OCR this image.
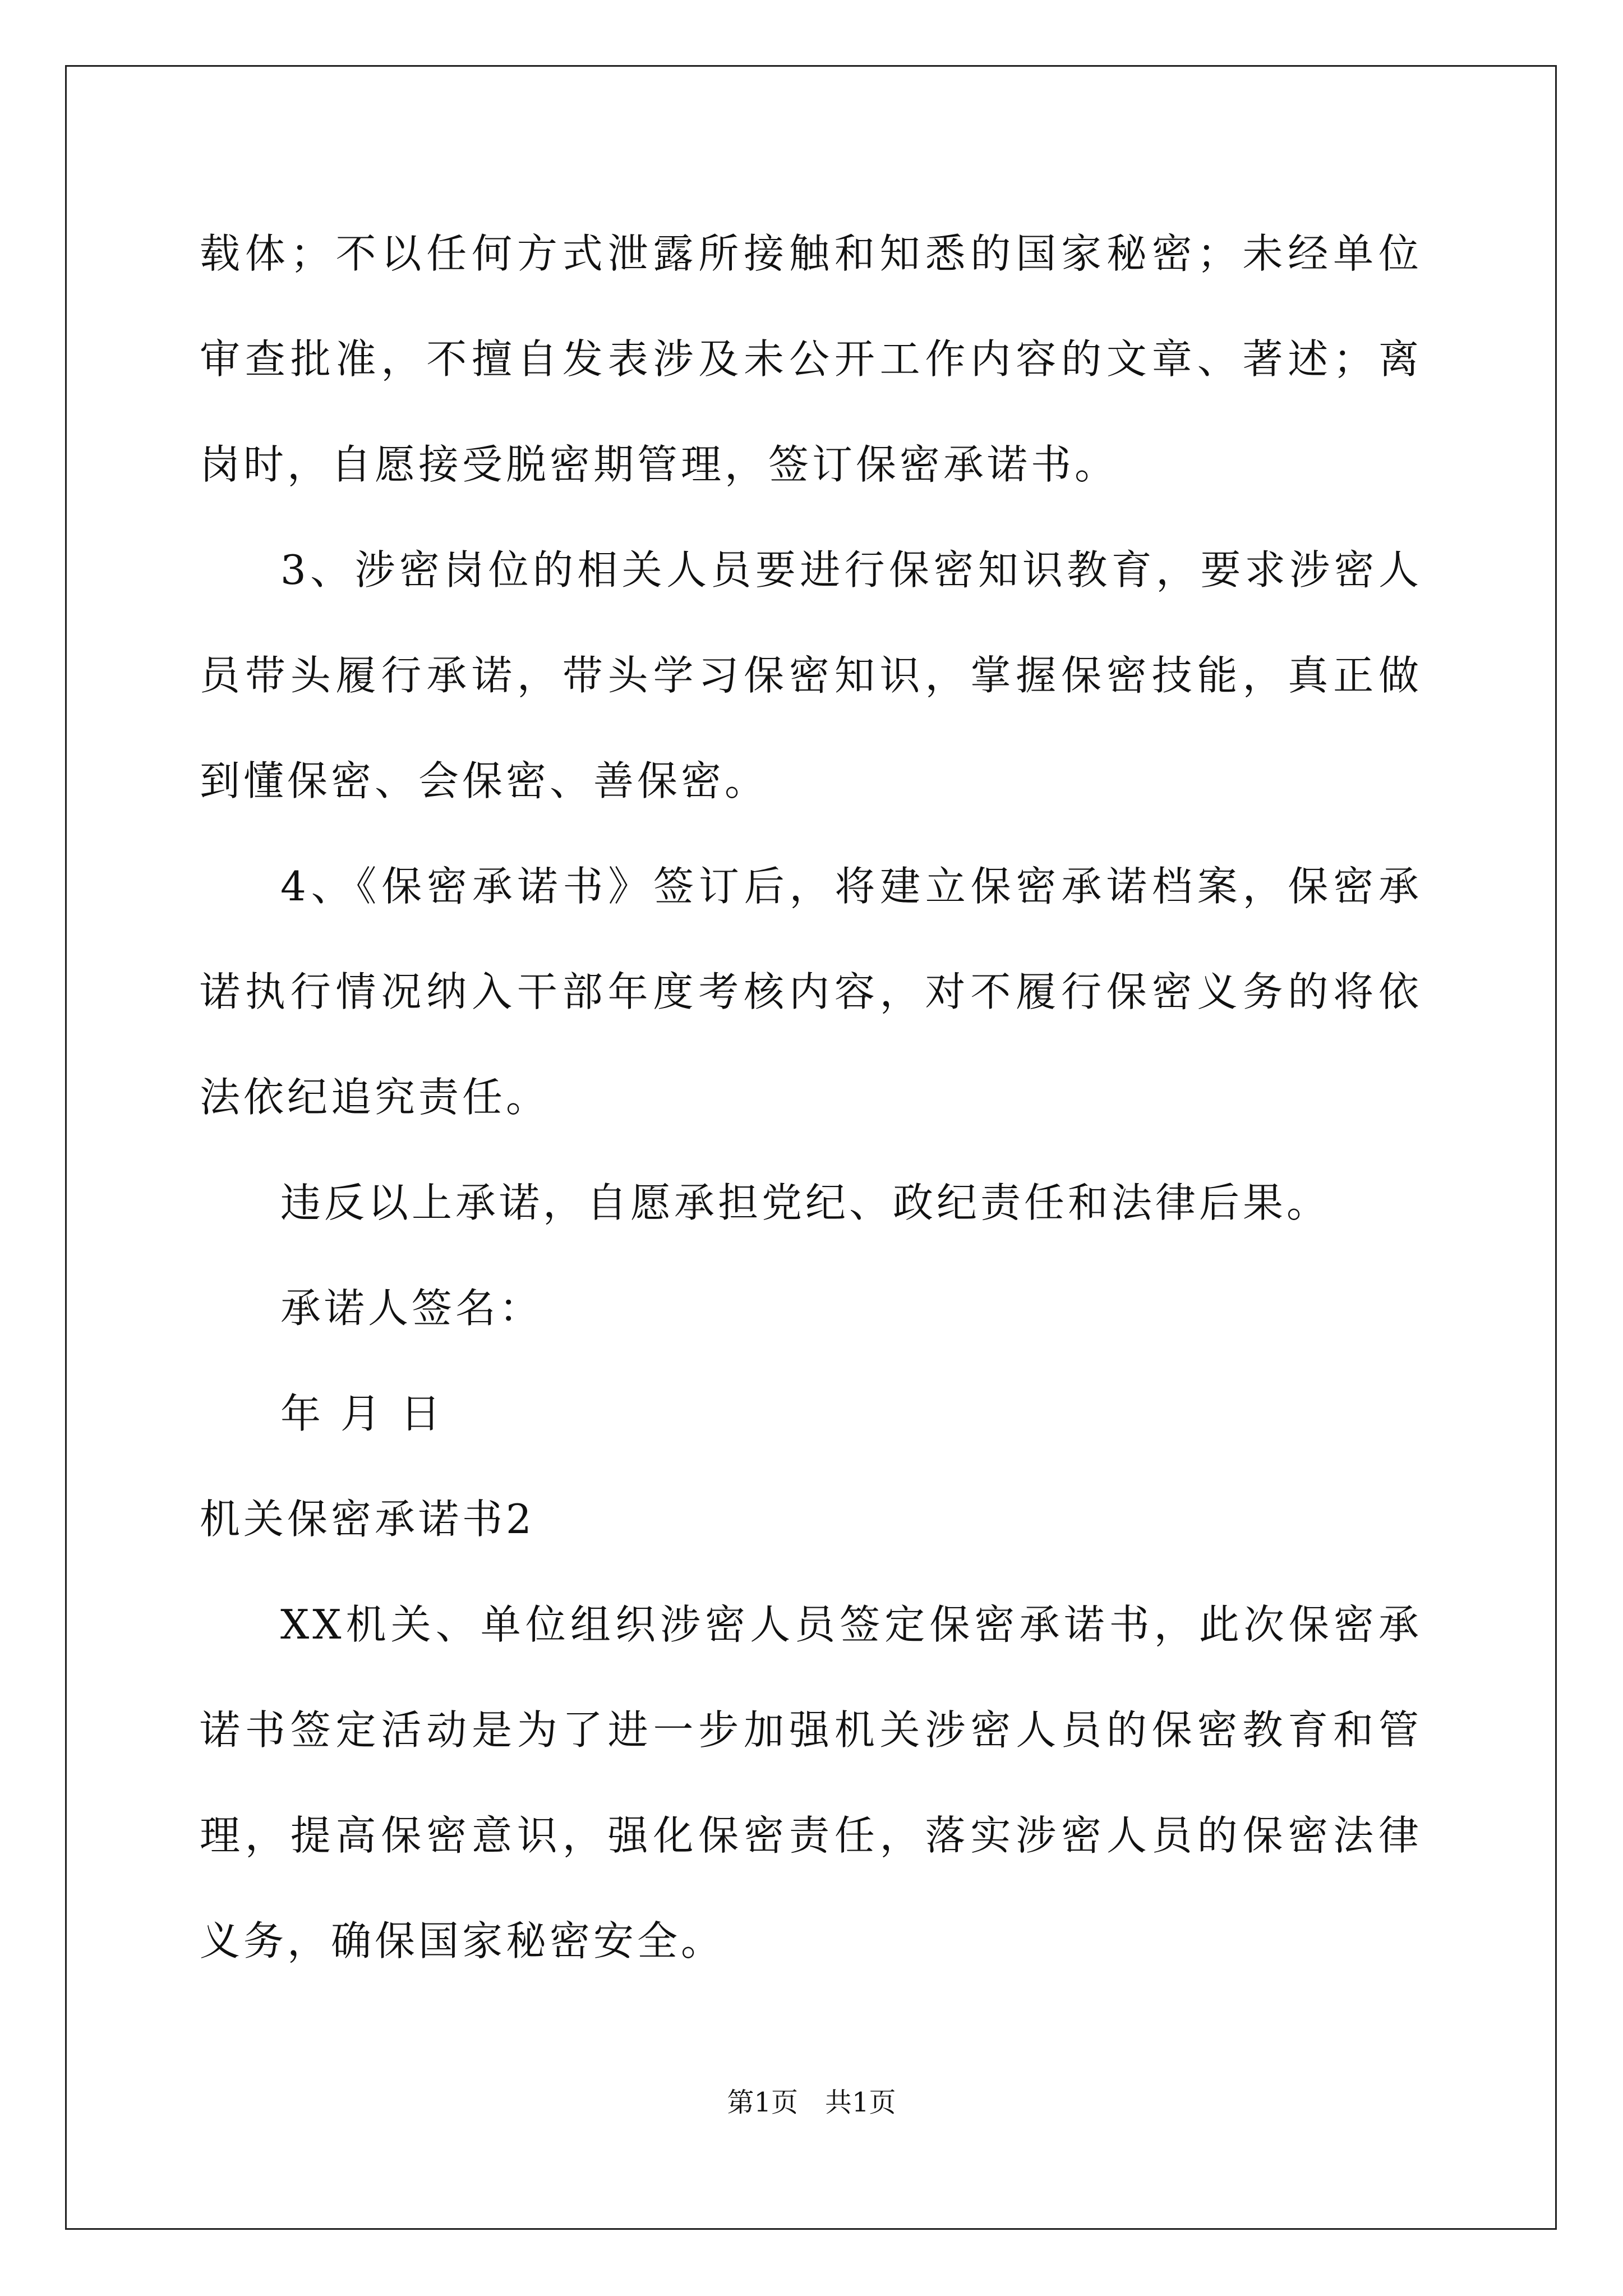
载体；不以任何方式泄露所接触和知悉的国家秘密；未经单位审查批准，不擅自发表涉及未公开工作内容的文章、著述；离岗时，自愿接受脱密期管理，签订保密承诺书。

3、涉密岗位的相关人员要进行保密知识教育，要求涉密人员带头履行承诺，带头学习保密知识，掌握保密技能，真正做到懂保密、会保密、善保密。

4、《保密承诺书》签订后，将建立保密承诺档案，保密承诺执行情况纳入干部年度考核内容，对不履行保密义务的将依法依纪追究责任。

违反以上承诺，自愿承担党纪、政纪责任和法律后果。

承诺人签名：

年 月 日

机关保密承诺书2

XX机关、单位组织涉密人员签定保密承诺书，此次保密承诺书签定活动是为了进一步加强机关涉密人员的保密教育和管理，提高保密意识，强化保密责任，落实涉密人员的保密法律义务，确保国家秘密安全。

第1页 共1页
